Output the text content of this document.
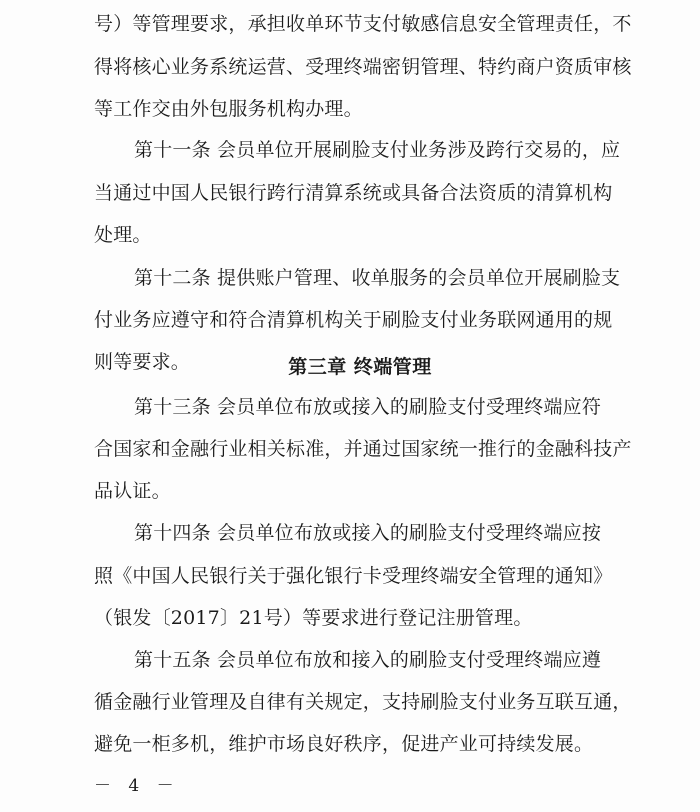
号）等管理要求，承担收单环节支付敏感信息安全管理责任，不
得将核心业务系统运营、受理终端密钥管理、特约商户资质审核
等工作交由外包服务机构办理。
第十一条 会员单位开展刷脸支付业务涉及跨行交易的，应
当通过中国人民银行跨行清算系统或具备合法资质的清算机构
处理。
第十二条 提供账户管理、收单服务的会员单位开展刷脸支
付业务应遵守和符合清算机构关于刷脸支付业务联网通用的规
则等要求。	第三章 终端管理
第十三条 会员单位布放或接入的刷脸支付受理终端应符
合国家和金融行业相关标准，并通过国家统一推行的金融科技产
品认证。
第十四条 会员单位布放或接入的刷脸支付受理终端应按
照《中国人民银行关于强化银行卡受理终端安全管理的通知》
（银发〔2017〕21号）等要求进行登记注册管理。
第十五条 会员单位布放和接入的刷脸支付受理终端应遵
循金融行业管理及自律有关规定，支持刷脸支付业务互联互通，
避免一柜多机，维护市场良好秩序，促进产业可持续发展。
－ 4 －
